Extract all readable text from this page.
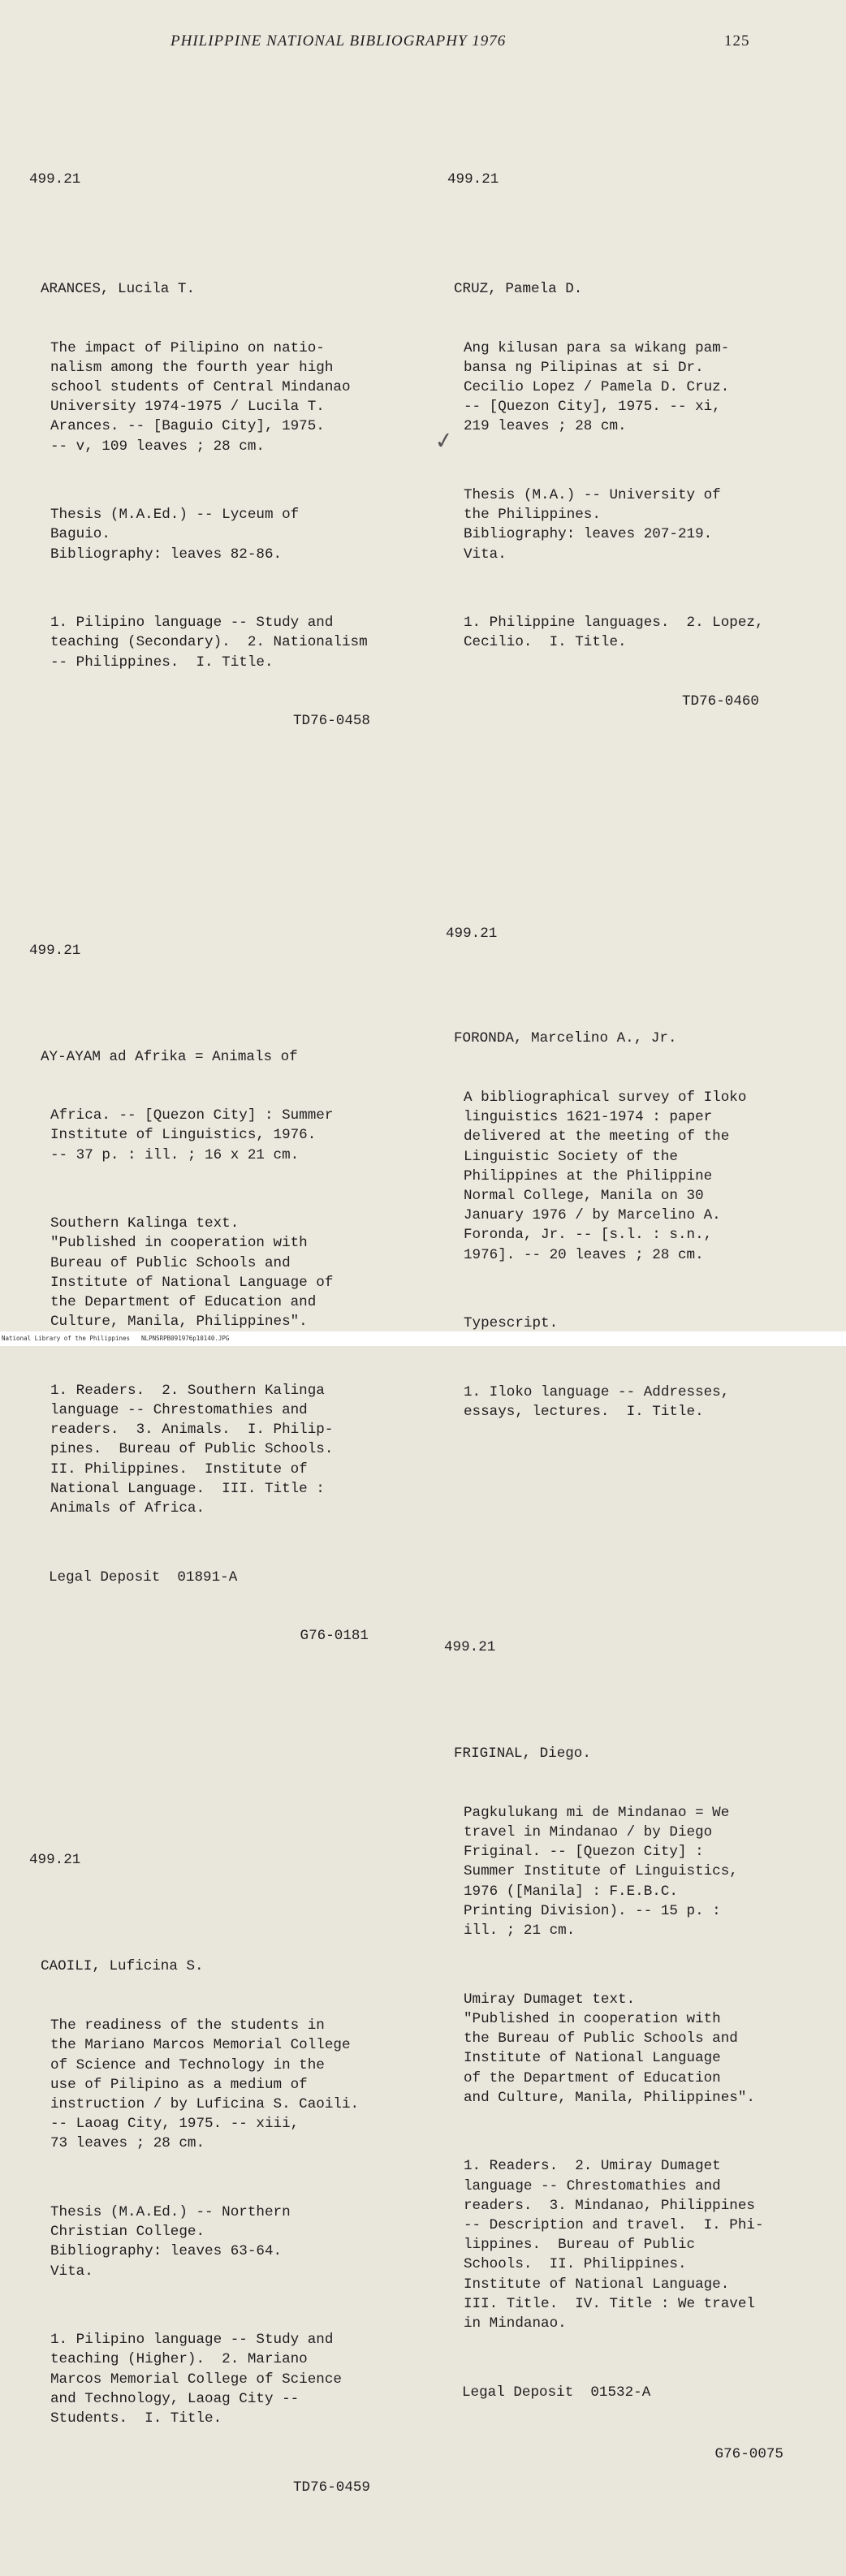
PHILIPPINE NATIONAL BIBLIOGRAPHY 1976	125

499.21

ARANCES, Lucila T.

The impact of Pilipino on natio-
nalism among the fourth year high
school students of Central Mindanao
University 1974-1975 / Lucila T.
Arances. -- [Baguio City], 1975.
-- v, 109 leaves ; 28 cm.

Thesis (M.A.Ed.) -- Lyceum of
Baguio.
Bibliography: leaves 82-86.

1. Pilipino language -- Study and
teaching (Secondary).  2. Nationalism
-- Philippines.  I. Title.

TD76-0458

499.21

AY-AYAM ad Afrika = Animals of

Africa. -- [Quezon City] : Summer
Institute of Linguistics, 1976.
-- 37 p. : ill. ; 16 x 21 cm.

Southern Kalinga text.
"Published in cooperation with
Bureau of Public Schools and
Institute of National Language of
the Department of Education and
Culture, Manila, Philippines".

1. Readers.  2. Southern Kalinga
language -- Chrestomathies and
readers.  3. Animals.  I. Philip-
pines.  Bureau of Public Schools.
II. Philippines.  Institute of
National Language.  III. Title :
Animals of Africa.

Legal Deposit  01891-A

G76-0181

499.21

CAOILI, Luficina S.

The readiness of the students in
the Mariano Marcos Memorial College
of Science and Technology in the
use of Pilipino as a medium of
instruction / by Luficina S. Caoili.
-- Laoag City, 1975. -- xiii,
73 leaves ; 28 cm.

Thesis (M.A.Ed.) -- Northern
Christian College.
Bibliography: leaves 63-64.
Vita.

1. Pilipino language -- Study and
teaching (Higher).  2. Mariano
Marcos Memorial College of Science
and Technology, Laoag City --
Students.  I. Title.

TD76-0459

499.21

CRUZ, Pamela D.

Ang kilusan para sa wikang pam-
bansa ng Pilipinas at si Dr.
Cecilio Lopez / Pamela D. Cruz.
-- [Quezon City], 1975. -- xi,
219 leaves ; 28 cm.

Thesis (M.A.) -- University of
the Philippines.
Bibliography: leaves 207-219.
Vita.

1. Philippine languages.  2. Lopez,
Cecilio.  I. Title.

TD76-0460

499.21

FORONDA, Marcelino A., Jr.

A bibliographical survey of Iloko
linguistics 1621-1974 : paper
delivered at the meeting of the
Linguistic Society of the
Philippines at the Philippine
Normal College, Manila on 30
January 1976 / by Marcelino A.
Foronda, Jr. -- [s.l. : s.n.,
1976]. -- 20 leaves ; 28 cm.

Typescript.

1. Iloko language -- Addresses,
essays, lectures.  I. Title.

499.21

FRIGINAL, Diego.

Pagkulukang mi de Mindanao = We
travel in Mindanao / by Diego
Friginal. -- [Quezon City] :
Summer Institute of Linguistics,
1976 ([Manila] : F.E.B.C.
Printing Division). -- 15 p. :
ill. ; 21 cm.

Umiray Dumaget text.
"Published in cooperation with
the Bureau of Public Schools and
Institute of National Language
of the Department of Education
and Culture, Manila, Philippines".

1. Readers.  2. Umiray Dumaget
language -- Chrestomathies and
readers.  3. Mindanao, Philippines
-- Description and travel.  I. Phi-
lippines.  Bureau of Public
Schools.  II. Philippines.
Institute of National Language.
III. Title.  IV. Title : We travel
in Mindanao.

Legal Deposit  01532-A

G76-0075

✓
National Library of the Philippines NLPNSRPB091976p10140.JPG
